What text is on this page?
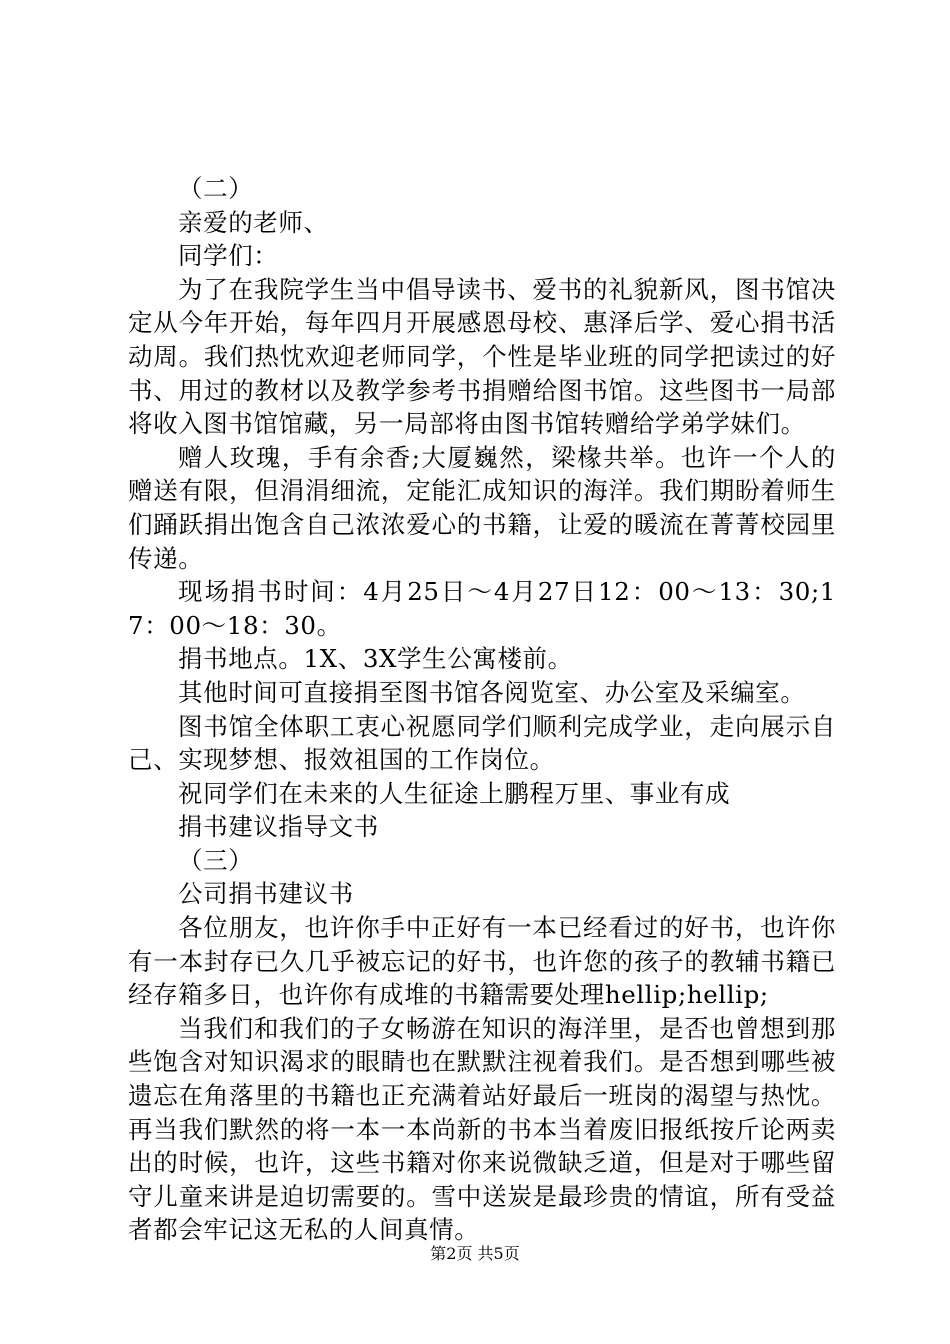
（二）

亲爱的老师、

同学们：

为了在我院学生当中倡导读书、爱书的礼貌新风，图书馆决定从今年开始，每年四月开展感恩母校、惠泽后学、爱心捐书活动周。我们热忱欢迎老师同学，个性是毕业班的同学把读过的好书、用过的教材以及教学参考书捐赠给图书馆。这些图书一局部将收入图书馆馆藏，另一局部将由图书馆转赠给学弟学妹们。

赠人玫瑰，手有余香;大厦巍然，梁椽共举。也许一个人的赠送有限，但涓涓细流，定能汇成知识的海洋。我们期盼着师生们踊跃捐出饱含自己浓浓爱心的书籍，让爱的暖流在菁菁校园里传递。

现场捐书时间：4月25日～4月27日12：00～13：30;17：00～18：30。

捐书地点。1X、3X学生公寓楼前。

其他时间可直接捐至图书馆各阅览室、办公室及采编室。

图书馆全体职工衷心祝愿同学们顺利完成学业，走向展示自己、实现梦想、报效祖国的工作岗位。

祝同学们在未来的人生征途上鹏程万里、事业有成

捐书建议指导文书

（三）

公司捐书建议书

各位朋友，也许你手中正好有一本已经看过的好书，也许你有一本封存已久几乎被忘记的好书，也许您的孩子的教辅书籍已经存箱多日，也许你有成堆的书籍需要处理hellip;hellip;

当我们和我们的子女畅游在知识的海洋里，是否也曾想到那些饱含对知识渴求的眼睛也在默默注视着我们。是否想到哪些被遗忘在角落里的书籍也正充满着站好最后一班岗的渴望与热忱。再当我们默然的将一本一本尚新的书本当着废旧报纸按斤论两卖出的时候，也许，这些书籍对你来说微缺乏道，但是对于哪些留守儿童来讲是迫切需要的。雪中送炭是最珍贵的情谊，所有受益者都会牢记这无私的人间真情。

第2页 共5页
